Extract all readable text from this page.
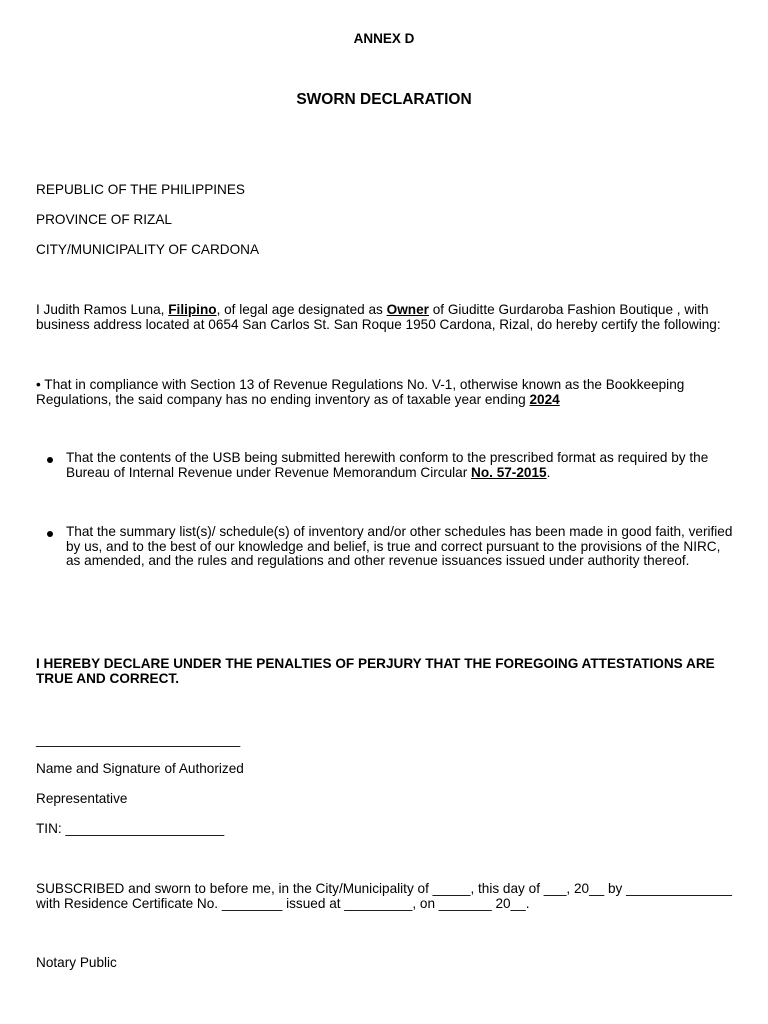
ANNEX D
SWORN DECLARATION
REPUBLIC OF THE PHILIPPINES
PROVINCE OF RIZAL
CITY/MUNICIPALITY OF CARDONA
I Judith Ramos Luna, Filipino, of legal age designated as Owner of Giuditte Gurdaroba Fashion Boutique , with business address located at 0654 San Carlos St. San Roque 1950 Cardona, Rizal, do hereby certify the following:
• That in compliance with Section 13 of Revenue Regulations No. V-1, otherwise known as the Bookkeeping Regulations, the said company has no ending inventory as of taxable year ending 2024
That the contents of the USB being submitted herewith conform to the prescribed format as required by the Bureau of Internal Revenue under Revenue Memorandum Circular No. 57-2015.
That the summary list(s)/ schedule(s) of inventory and/or other schedules has been made in good faith, verified by us, and to the best of our knowledge and belief, is true and correct pursuant to the provisions of the NIRC, as amended, and the rules and regulations and other revenue issuances issued under authority thereof.
I HEREBY DECLARE UNDER THE PENALTIES OF PERJURY THAT THE FOREGOING ATTESTATIONS ARE TRUE AND CORRECT.
___________________________
Name and Signature of Authorized
Representative
TIN: _____________________
SUBSCRIBED and sworn to before me, in the City/Municipality of _____, this day of ___, 20__ by ______________ with Residence Certificate No. ________ issued at _________, on _______ 20__.
Notary Public
